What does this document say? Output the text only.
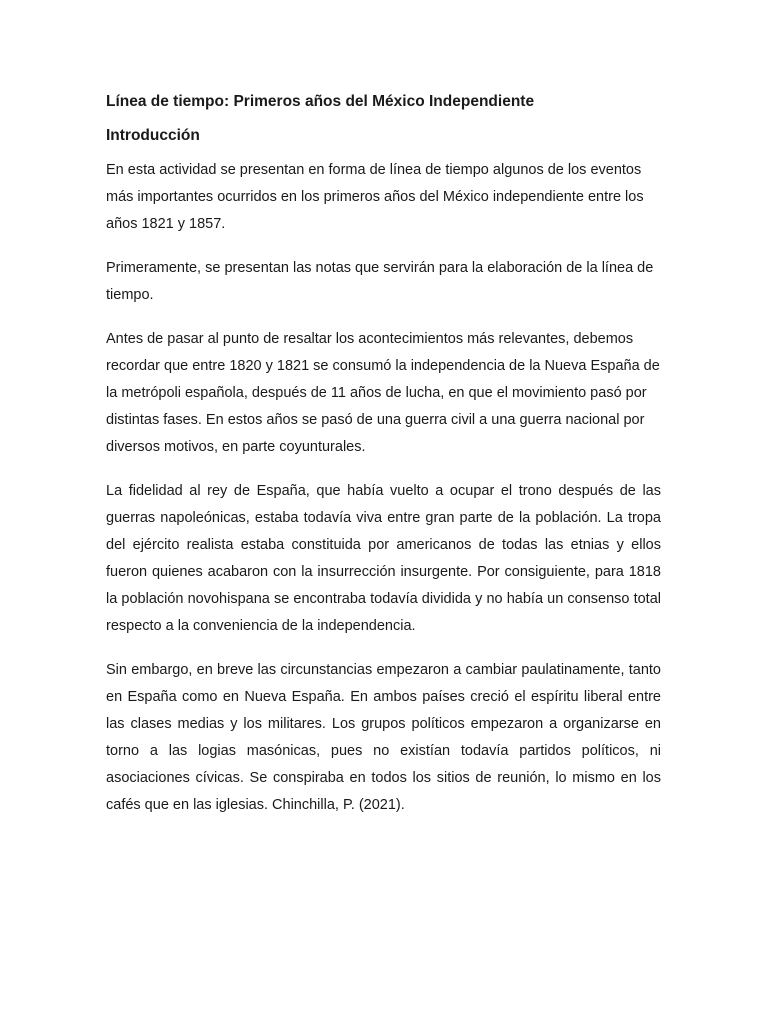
Línea de tiempo: Primeros años del México Independiente
Introducción

En esta actividad se presentan en forma de línea de tiempo algunos de los eventos más importantes ocurridos en los primeros años del México independiente entre los años 1821 y 1857.

Primeramente, se presentan las notas que servirán para la elaboración de la línea de tiempo.

Antes de pasar al punto de resaltar los acontecimientos más relevantes, debemos recordar que entre 1820 y 1821 se consumó la independencia de la Nueva España de la metrópoli española, después de 11 años de lucha, en que el movimiento pasó por distintas fases. En estos años se pasó de una guerra civil a una guerra nacional por diversos motivos, en parte coyunturales.

La fidelidad al rey de España, que había vuelto a ocupar el trono después de las guerras napoleónicas, estaba todavía viva entre gran parte de la población. La tropa del ejército realista estaba constituida por americanos de todas las etnias y ellos fueron quienes acabaron con la insurrección insurgente. Por consiguiente, para 1818 la población novohispana se encontraba todavía dividida y no había un consenso total respecto a la conveniencia de la independencia.

Sin embargo, en breve las circunstancias empezaron a cambiar paulatinamente, tanto en España como en Nueva España. En ambos países creció el espíritu liberal entre las clases medias y los militares. Los grupos políticos empezaron a organizarse en torno a las logias masónicas, pues no existían todavía partidos políticos, ni asociaciones cívicas. Se conspiraba en todos los sitios de reunión, lo mismo en los cafés que en las iglesias. Chinchilla, P. (2021).
